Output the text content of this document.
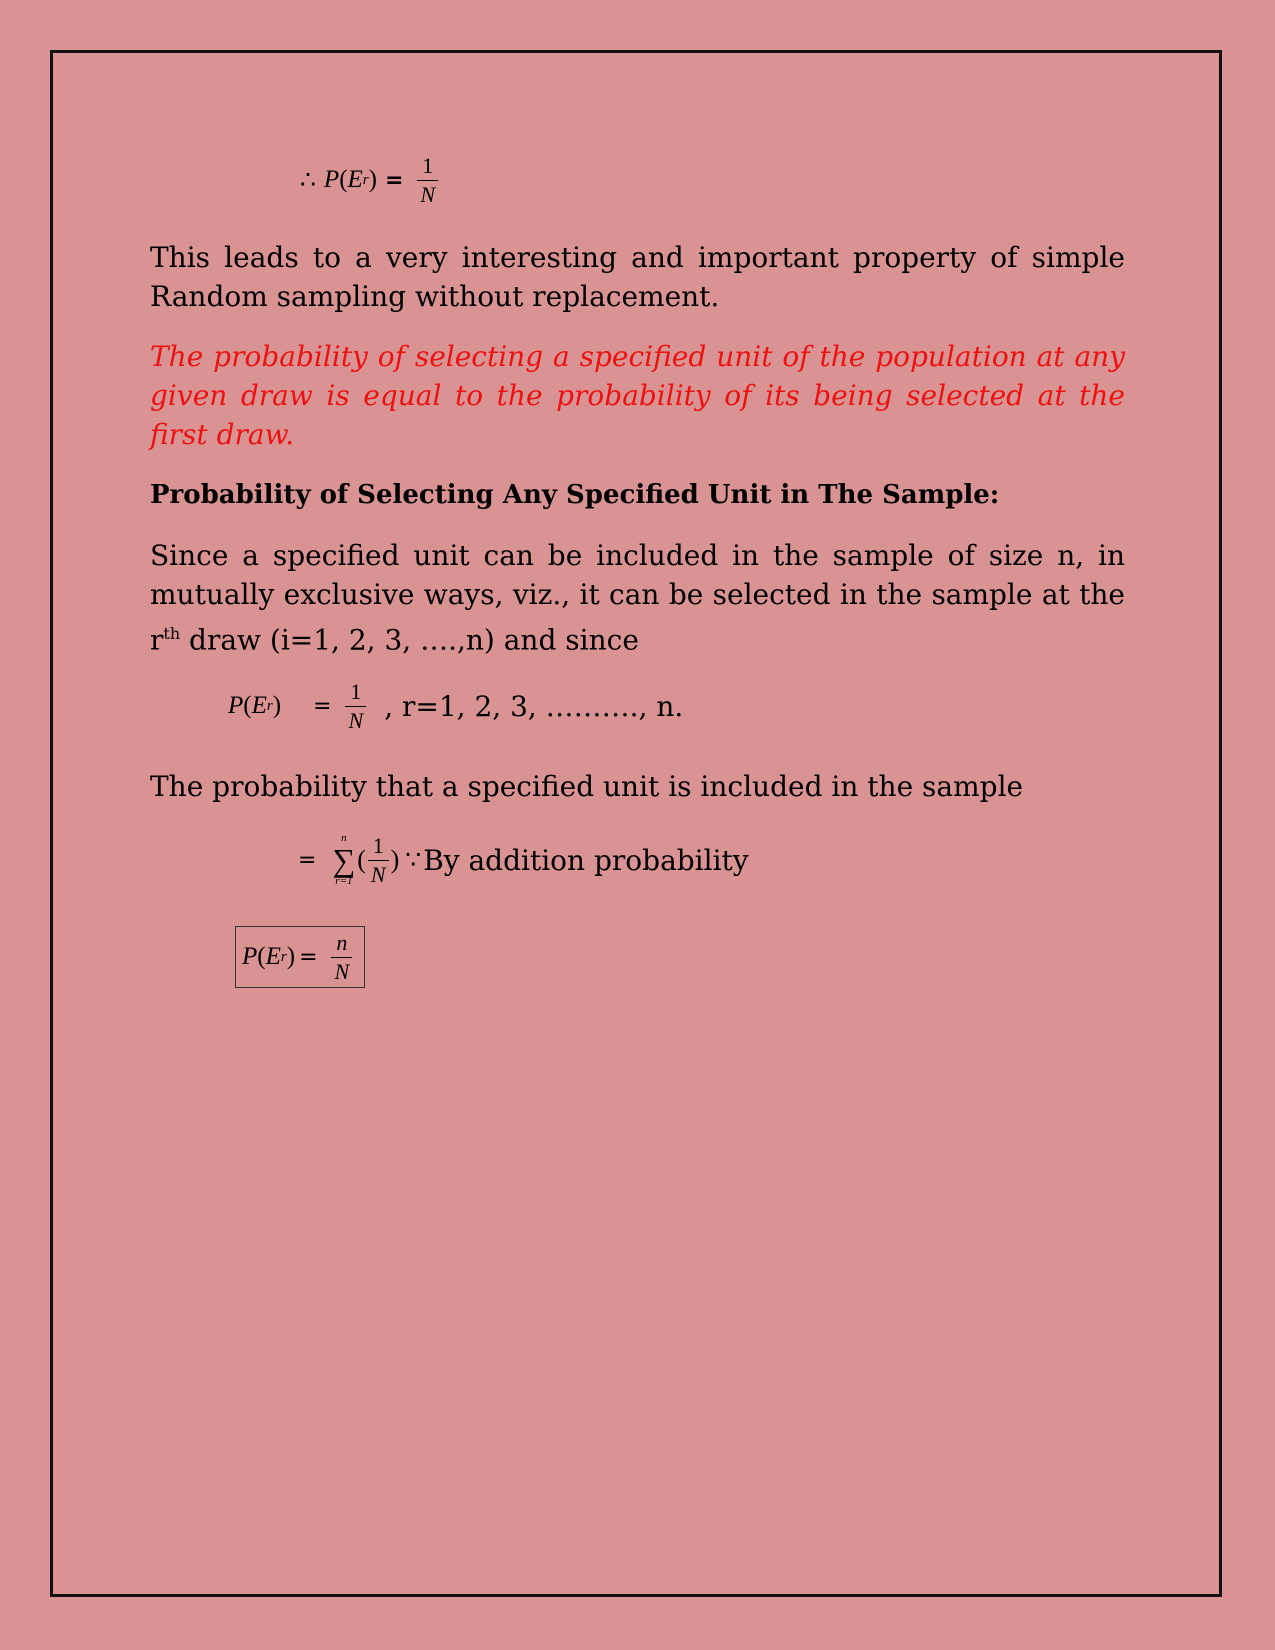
∴ P ( E r ) = $\frac{1}{N}$

This leads to a very interesting and important property of simple Random sampling without replacement.

The probability of selecting a specified unit of the population at any given draw is equal to the probability of its being selected at the first draw.

Probability of Selecting Any Specified Unit in The Sample:

Since a specified unit can be included in the sample of size n, in mutually exclusive ways, viz., it can be selected in the sample at the $r^{th}$ draw (i=1, 2, 3, ….,n) and since

P ( E r ) = $\frac{1}{N}$ , r=1, 2, 3, ………., n.

The probability that a specified unit is included in the sample

=
n
∑
r=1
( $\frac{1}{N}$ ) ∵ By addition probability
P ( E r ) = $\frac{n}{N}$
